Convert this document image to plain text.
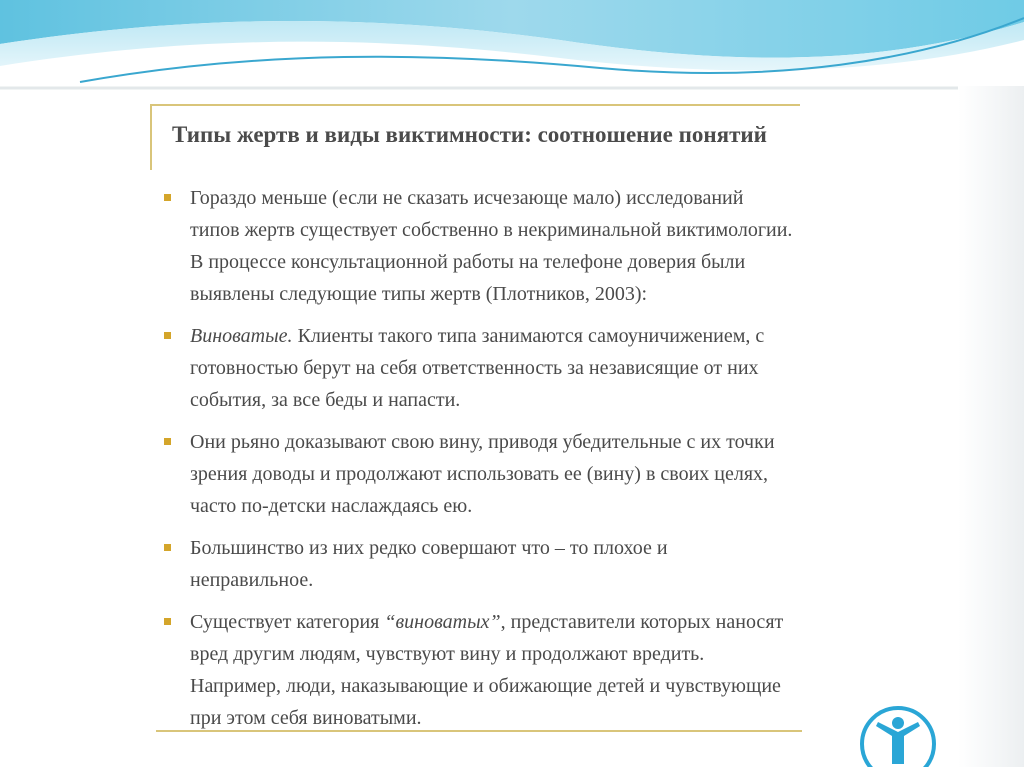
Типы жертв и виды виктимности: соотношение понятий
Гораздо меньше (если не сказать исчезающе мало) исследований типов жертв существует собственно в некриминальной виктимологии. В процессе консультационной работы на телефоне доверия были выявлены следующие типы жертв (Плотников, 2003):
Виноватые. Клиенты такого типа занимаются самоуничижением, с готовностью берут на себя ответственность за независящие от них события, за все беды и напасти.
Они рьяно доказывают свою вину, приводя убедительные с их точки зрения доводы и продолжают использовать ее (вину) в своих целях, часто по-детски наслаждаясь ею.
Большинство из них редко совершают что – то плохое и неправильное.
Существует категория “виноватых”, представители которых наносят вред другим людям, чувствуют вину и продолжают вредить. Например, люди, наказывающие и обижающие детей и чувствующие при этом себя виноватыми.
